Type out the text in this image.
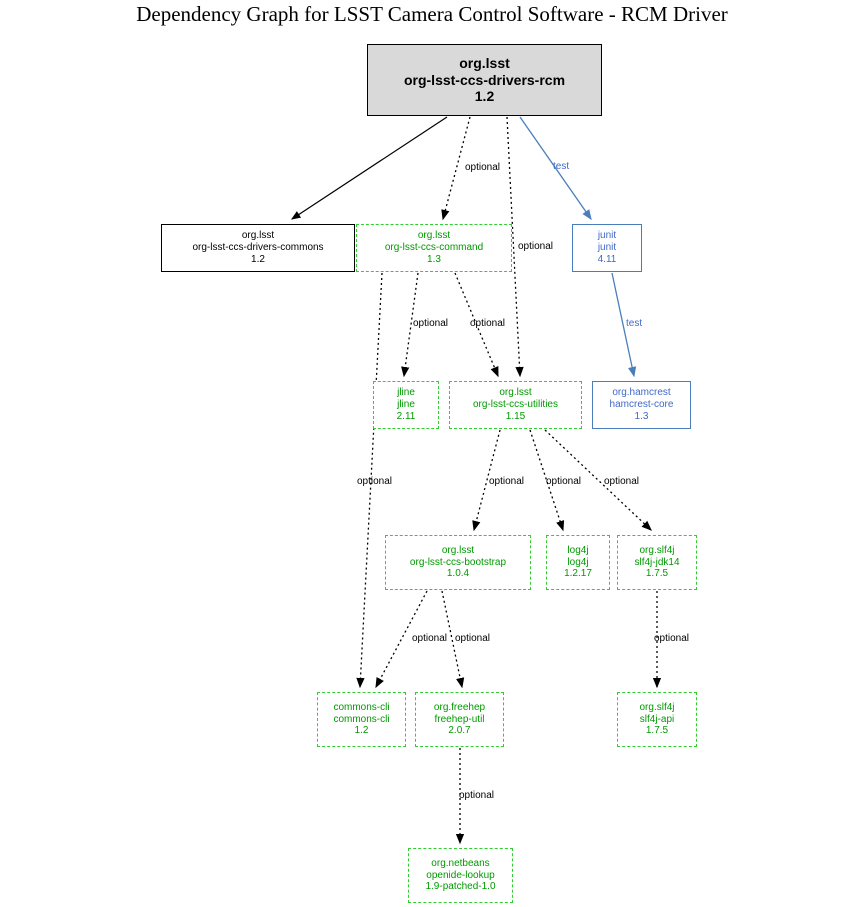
Dependency Graph for LSST Camera Control Software - RCM Driver
org.lsst
org-lsst-ccs-drivers-rcm
1.2
org.lsst
org-lsst-ccs-drivers-commons
1.2
org.lsst
org-lsst-ccs-command
1.3
junit
junit
4.11
jline
jline
2.11
org.lsst
org-lsst-ccs-utilities
1.15
org.hamcrest
hamcrest-core
1.3
org.lsst
org-lsst-ccs-bootstrap
1.0.4
log4j
log4j
1.2.17
org.slf4j
slf4j-jdk14
1.7.5
commons-cli
commons-cli
1.2
org.freehep
freehep-util
2.0.7
org.slf4j
slf4j-api
1.7.5
org.netbeans
openide-lookup
1.9-patched-1.0
optional	test
optional
optional optional	test
optional	optional optional optional
optional optional	optional
optional
